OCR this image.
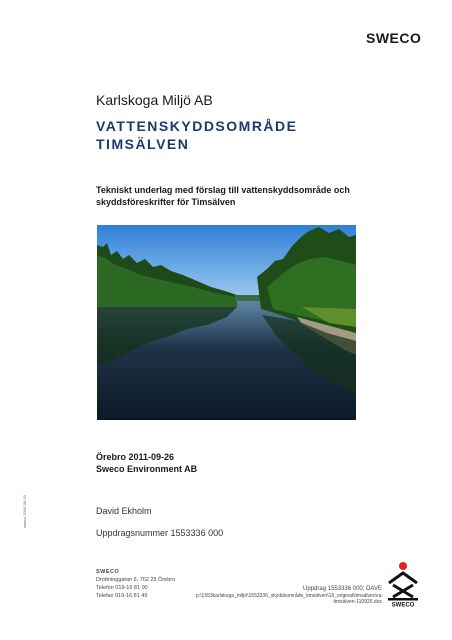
SWECO
Karlskoga Miljö AB
VATTENSKYDDSOMRÅDE
TIMSÄLVEN
Tekniskt underlag med förslag till vattenskyddsområde och skyddsföreskrifter för Timsälven
Örebro 2011-09-26
Sweco Environment AB
David Ekholm
Uppdragsnummer 1553336 000
sweco 2006-06-03
SWECO
Drottninggatan 6, 702 25 Örebro
Telefon 019-16 81 00
Telefax 019-16 81 49
Uppdrag 1553336 000; DAVE
p:\1553karlskoga_miljö\1553336_skyddsområde_timsälven\19_original\timsälven\ra-timsälven-110926.doc
SWECO
